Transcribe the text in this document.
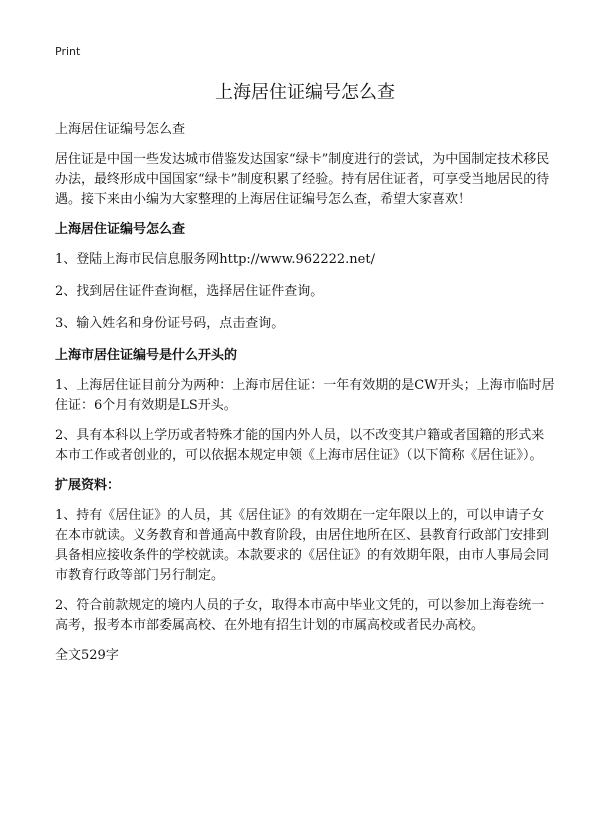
Print
上海居住证编号怎么查
上海居住证编号怎么查
居住证是中国一些发达城市借鉴发达国家“绿卡”制度进行的尝试，为中国制定技术移民办法，最终形成中国国家“绿卡”制度积累了经验。持有居住证者，可享受当地居民的待遇。接下来由小编为大家整理的上海居住证编号怎么查，希望大家喜欢！
上海居住证编号怎么查
1、登陆上海市民信息服务网http://www.962222.net/
2、找到居住证件查询框，选择居住证件查询。
3、输入姓名和身份证号码，点击查询。
上海市居住证编号是什么开头的
1、上海居住证目前分为两种：上海市居住证：一年有效期的是CW开头；上海市临时居住证：6个月有效期是LS开头。
2、具有本科以上学历或者特殊才能的国内外人员，以不改变其户籍或者国籍的形式来本市工作或者创业的，可以依据本规定申领《上海市居住证》（以下简称《居住证》）。
扩展资料：
1、持有《居住证》的人员，其《居住证》的有效期在一定年限以上的，可以申请子女在本市就读。义务教育和普通高中教育阶段，由居住地所在区、县教育行政部门安排到具备相应接收条件的学校就读。本款要求的《居住证》的有效期年限，由市人事局会同市教育行政等部门另行制定。
2、符合前款规定的境内人员的子女，取得本市高中毕业文凭的，可以参加上海卷统一高考，报考本市部委属高校、在外地有招生计划的市属高校或者民办高校。
全文529字
